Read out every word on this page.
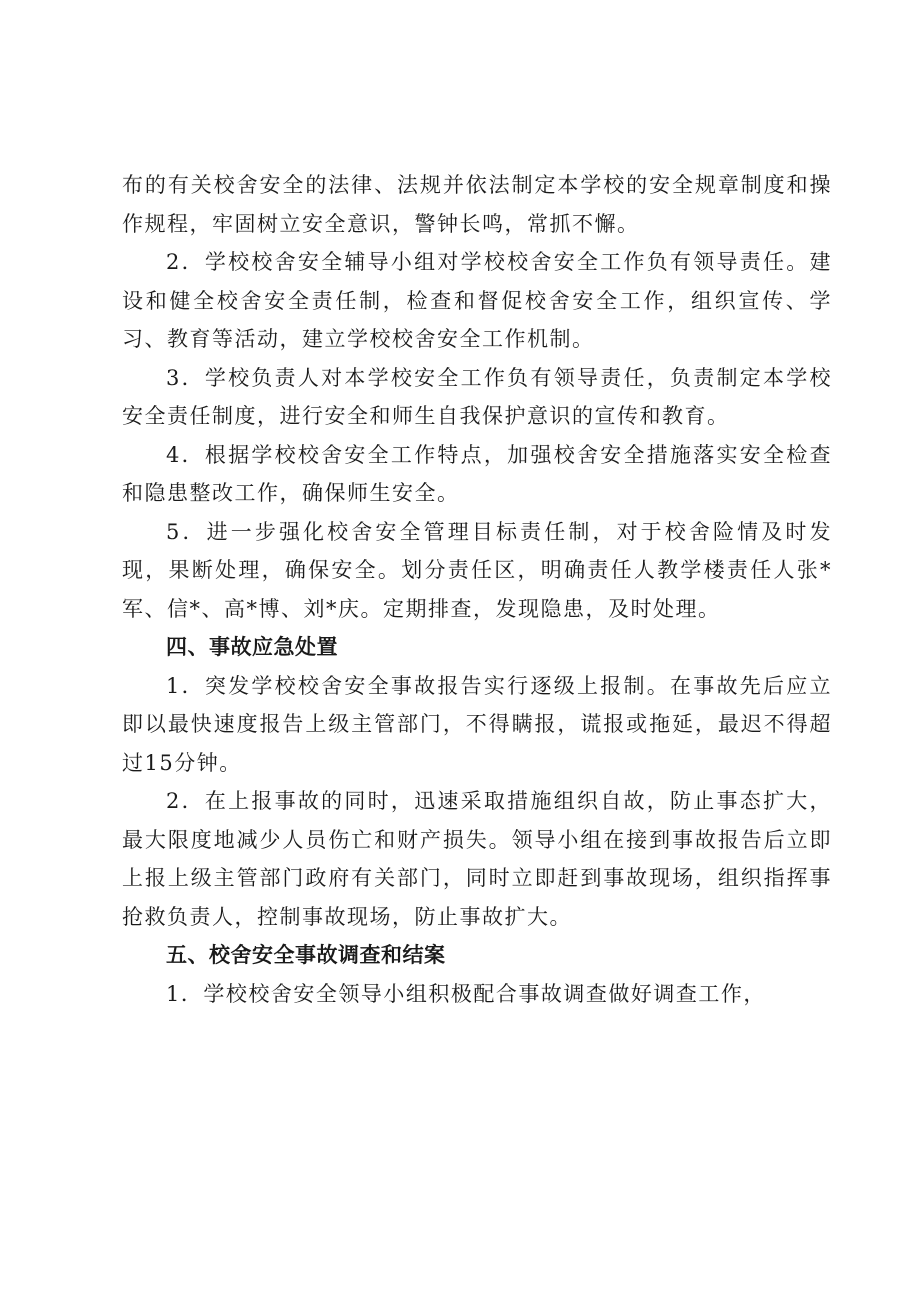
布的有关校舍安全的法律、法规并依法制定本学校的安全规章制度和操作规程，牢固树立安全意识，警钟长鸣，常抓不懈。

2．学校校舍安全辅导小组对学校校舍安全工作负有领导责任。建设和健全校舍安全责任制，检查和督促校舍安全工作，组织宣传、学习、教育等活动，建立学校校舍安全工作机制。

3．学校负责人对本学校安全工作负有领导责任，负责制定本学校安全责任制度，进行安全和师生自我保护意识的宣传和教育。

4．根据学校校舍安全工作特点，加强校舍安全措施落实安全检查和隐患整改工作，确保师生安全。

5．进一步强化校舍安全管理目标责任制，对于校舍险情及时发现，果断处理，确保安全。划分责任区，明确责任人教学楼责任人张*军、信*、高*博、刘*庆。定期排查，发现隐患，及时处理。

四、事故应急处置

1．突发学校校舍安全事故报告实行逐级上报制。在事故先后应立即以最快速度报告上级主管部门，不得瞒报，谎报或拖延，最迟不得超过15分钟。

2．在上报事故的同时，迅速采取措施组织自故，防止事态扩大，最大限度地减少人员伤亡和财产损失。领导小组在接到事故报告后立即上报上级主管部门政府有关部门，同时立即赶到事故现场，组织指挥事抢救负责人，控制事故现场，防止事故扩大。

五、校舍安全事故调查和结案

1．学校校舍安全领导小组积极配合事故调查做好调查工作，
